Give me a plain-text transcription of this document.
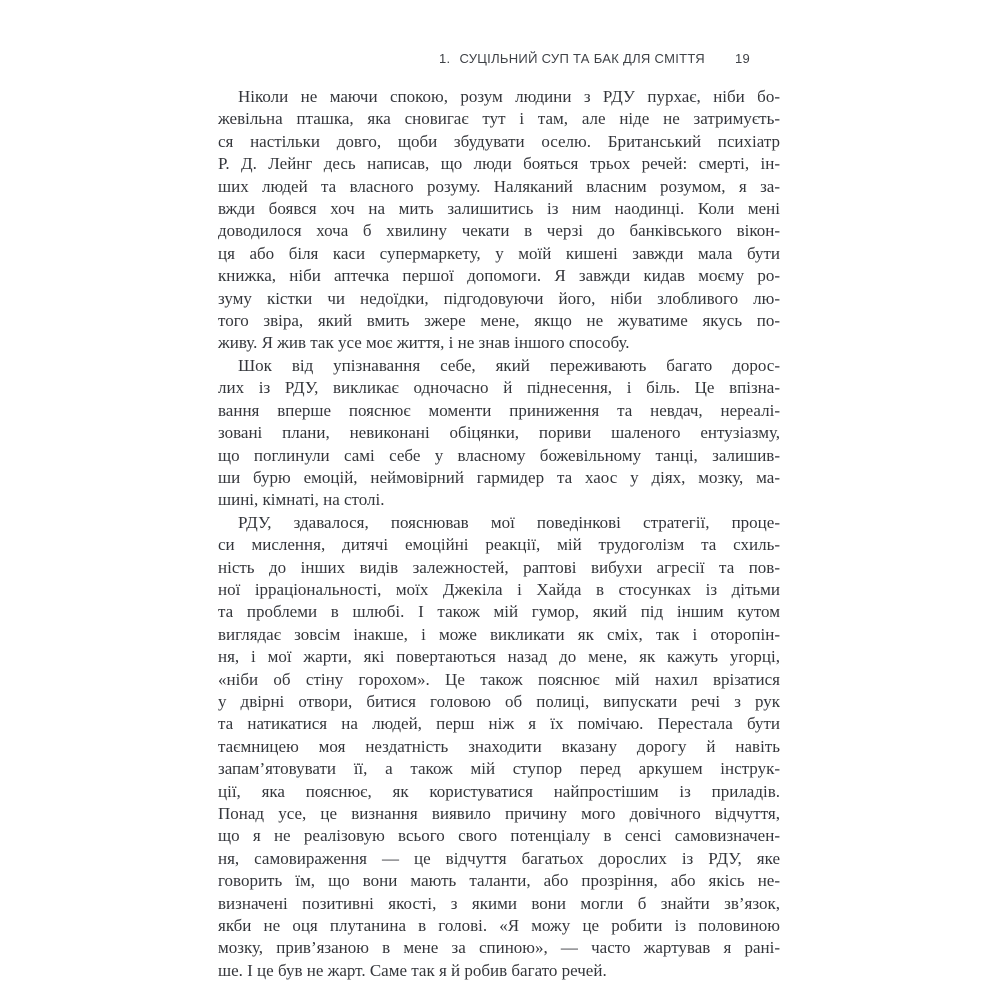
1. СУЦІЛЬНИЙ СУП ТА БАК ДЛЯ СМІТТЯ 19
Ніколи не маючи спокою, розум людини з РДУ пурхає, ніби бо-
жевільна пташка, яка сновигає тут і там, але ніде не затримуєть-
ся настільки довго, щоби збудувати оселю. Британський психіатр
Р. Д. Лейнг десь написав, що люди бояться трьох речей: смерті, ін-
ших людей та власного розуму. Наляканий власним розумом, я за-
вжди боявся хоч на мить залишитись із ним наодинці. Коли мені
доводилося хоча б хвилину чекати в черзі до банківського вікон-
ця або біля каси супермаркету, у моїй кишені завжди мала бути
книжка, ніби аптечка першої допомоги. Я завжди кидав моєму ро-
зуму кістки чи недоїдки, підгодовуючи його, ніби злобливого лю-
того звіра, який вмить зжере мене, якщо не жуватиме якусь по-
живу. Я жив так усе моє життя, і не знав іншого способу.
Шок від упізнавання себе, який переживають багато дорос-
лих із РДУ, викликає одночасно й піднесення, і біль. Це впізна-
вання вперше пояснює моменти приниження та невдач, нереалі-
зовані плани, невиконані обіцянки, пориви шаленого ентузіазму,
що поглинули самі себе у власному божевільному танці, залишив-
ши бурю емоцій, неймовірний гармидер та хаос у діях, мозку, ма-
шині, кімнаті, на столі.
РДУ, здавалося, пояснював мої поведінкові стратегії, проце-
си мислення, дитячі емоційні реакції, мій трудоголізм та схиль-
ність до інших видів залежностей, раптові вибухи агресії та пов-
ної ірраціональності, моїх Джекіла і Хайда в стосунках із дітьми
та проблеми в шлюбі. І також мій гумор, який під іншим кутом
виглядає зовсім інакше, і може викликати як сміх, так і оторопін-
ня, і мої жарти, які повертаються назад до мене, як кажуть угорці,
«ніби об стіну горохом». Це також пояснює мій нахил врізатися
у двірні отвори, битися головою об полиці, випускати речі з рук
та натикатися на людей, перш ніж я їх помічаю. Перестала бути
таємницею моя нездатність знаходити вказану дорогу й навіть
запам’ятовувати її, а також мій ступор перед аркушем інструк-
ції, яка пояснює, як користуватися найпростішим із приладів.
Понад усе, це визнання виявило причину мого довічного відчуття,
що я не реалізовую всього свого потенціалу в сенсі самовизначен-
ня, самовираження — це відчуття багатьох дорослих із РДУ, яке
говорить їм, що вони мають таланти, або прозріння, або якісь не-
визначені позитивні якості, з якими вони могли б знайти зв’язок,
якби не оця плутанина в голові. «Я можу це робити із половиною
мозку, прив’язаною в мене за спиною», — часто жартував я рані-
ше. І це був не жарт. Саме так я й робив багато речей.
